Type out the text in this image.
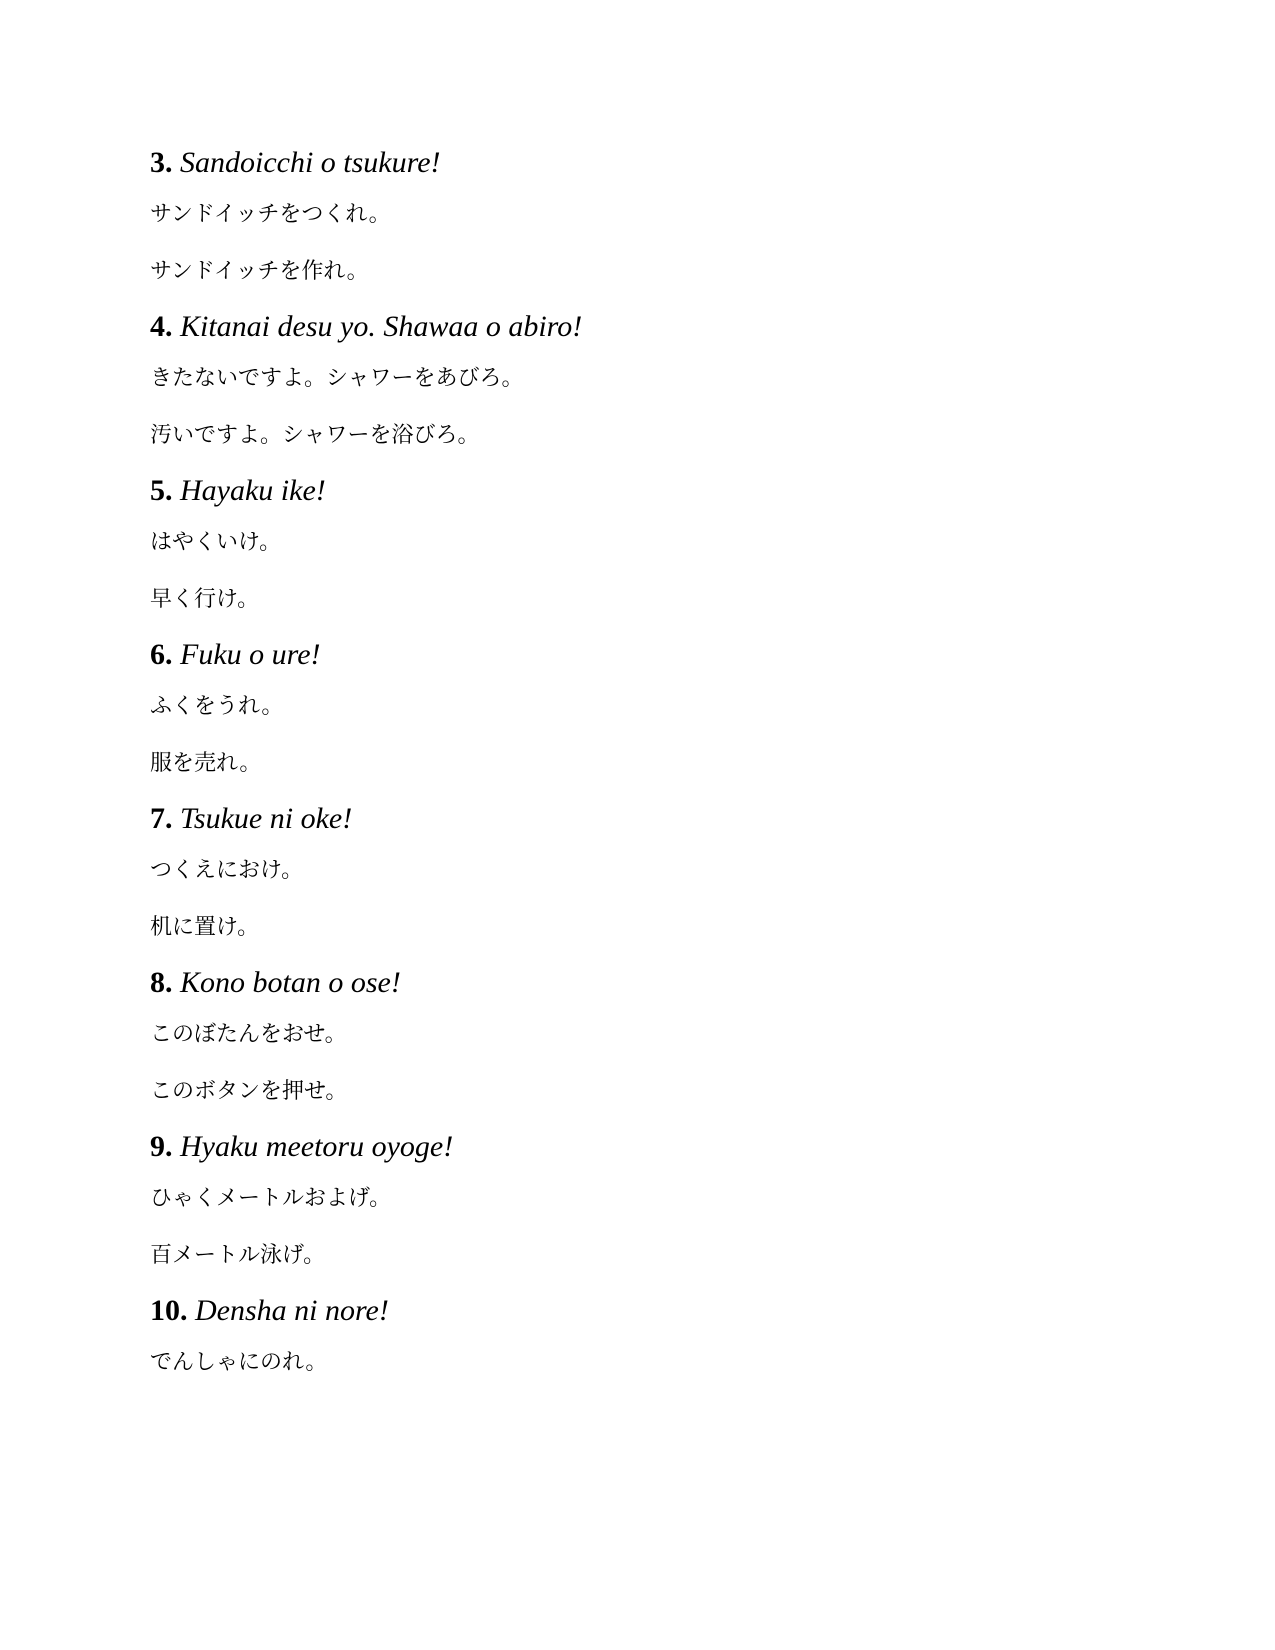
3. Sandoicchi o tsukure!
サンドイッチをつくれ。
サンドイッチを作れ。
4. Kitanai desu yo. Shawaa o abiro!
きたないですよ。シャワーをあびろ。
汚いですよ。シャワーを浴びろ。
5. Hayaku ike!
はやくいけ。
早く行け。
6. Fuku o ure!
ふくをうれ。
服を売れ。
7. Tsukue ni oke!
つくえにおけ。
机に置け。
8. Kono botan o ose!
このぼたんをおせ。
このボタンを押せ。
9. Hyaku meetoru oyoge!
ひゃくメートルおよげ。
百メートル泳げ。
10. Densha ni nore!
でんしゃにのれ。
